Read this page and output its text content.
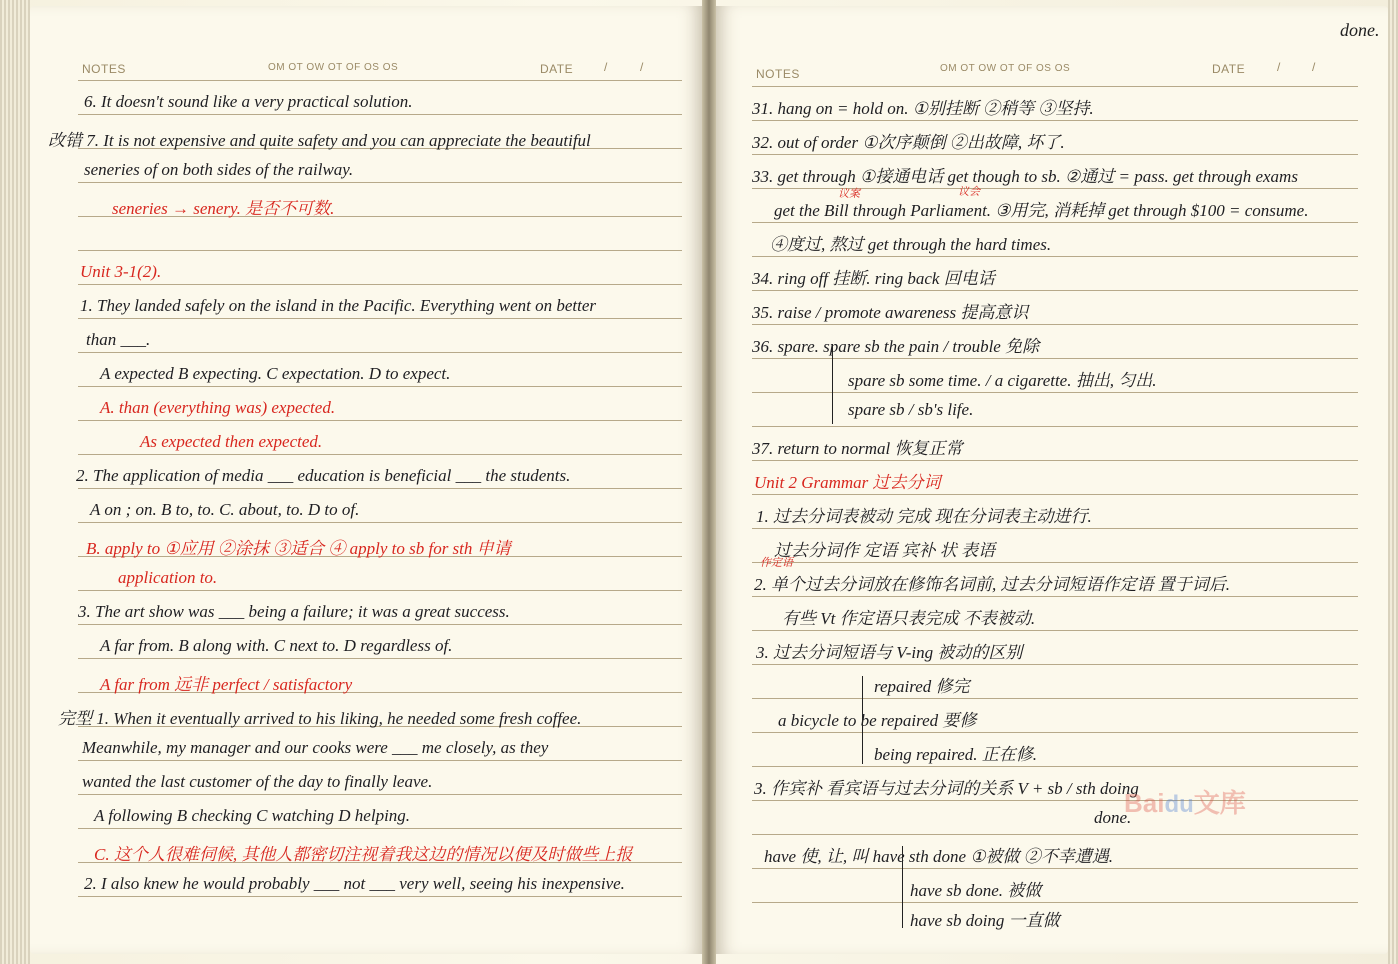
NOTES	OM OT OW OT OF OS OS	DATE	/	/	NOTES	OM OT OW OT OF OS OS	DATE	/	/
done.
6. It doesn't sound like a very practical solution.
改错 7. It is not expensive and quite safety and you can appreciate the beautiful
seneries of on both sides of the railway.
seneries → senery. 是否不可数.
Unit 3-1(2).
1. They landed safely on the island in the Pacific. Everything went on better
than ___.
A expected B expecting. C expectation. D to expect.
A. than (everything was) expected.
As expected then expected.
2. The application of media ___ education is beneficial ___ the students.
A on ; on. B to, to. C. about, to. D to of.
B. apply to ①应用 ②涂抹 ③适合 ④ apply to sb for sth 申请
application to.
3. The art show was ___ being a failure; it was a great success.
A far from. B along with. C next to. D regardless of.
A far from 远非 perfect / satisfactory
完型 1. When it eventually arrived to his liking, he needed some fresh coffee.
Meanwhile, my manager and our cooks were ___ me closely, as they
wanted the last customer of the day to finally leave.
A following B checking C watching D helping.
C. 这个人很难伺候, 其他人都密切注视着我这边的情况以便及时做些上报
2. I also knew he would probably ___ not ___ very well, seeing his inexpensive.
31. hang on = hold on. ①别挂断 ②稍等 ③坚持.
32. out of order ①次序颠倒 ②出故障, 坏了.
33. get through ①接通电话 get though to sb. ②通过 = pass. get through exams
get the Bill through Parliament. ③用完, 消耗掉 get through $100 = consume.
④度过, 熬过 get through the hard times.
34. ring off 挂断. ring back 回电话
35. raise / promote awareness 提高意识
36. spare. spare sb the pain / trouble 免除
spare sb some time. / a cigarette. 抽出, 匀出.
spare sb / sb's life.
37. return to normal 恢复正常
Unit 2 Grammar 过去分词
1. 过去分词表被动 完成 现在分词表主动进行.
过去分词作 定语 宾补 状 表语
2. 单个过去分词放在修饰名词前, 过去分词短语作定语 置于词后.
有些 Vt 作定语只表完成 不表被动.
3. 过去分词短语与 V-ing 被动的区别
repaired 修完
a bicycle to be repaired 要修
being repaired. 正在修.
3. 作宾补 看宾语与过去分词的关系 V + sb / sth doing
done.
have 使, 让, 叫 have sth done ①被做 ②不幸遭遇.
have sb done. 被做
have sb doing 一直做
议案	议会
作定语
Baidu文库
